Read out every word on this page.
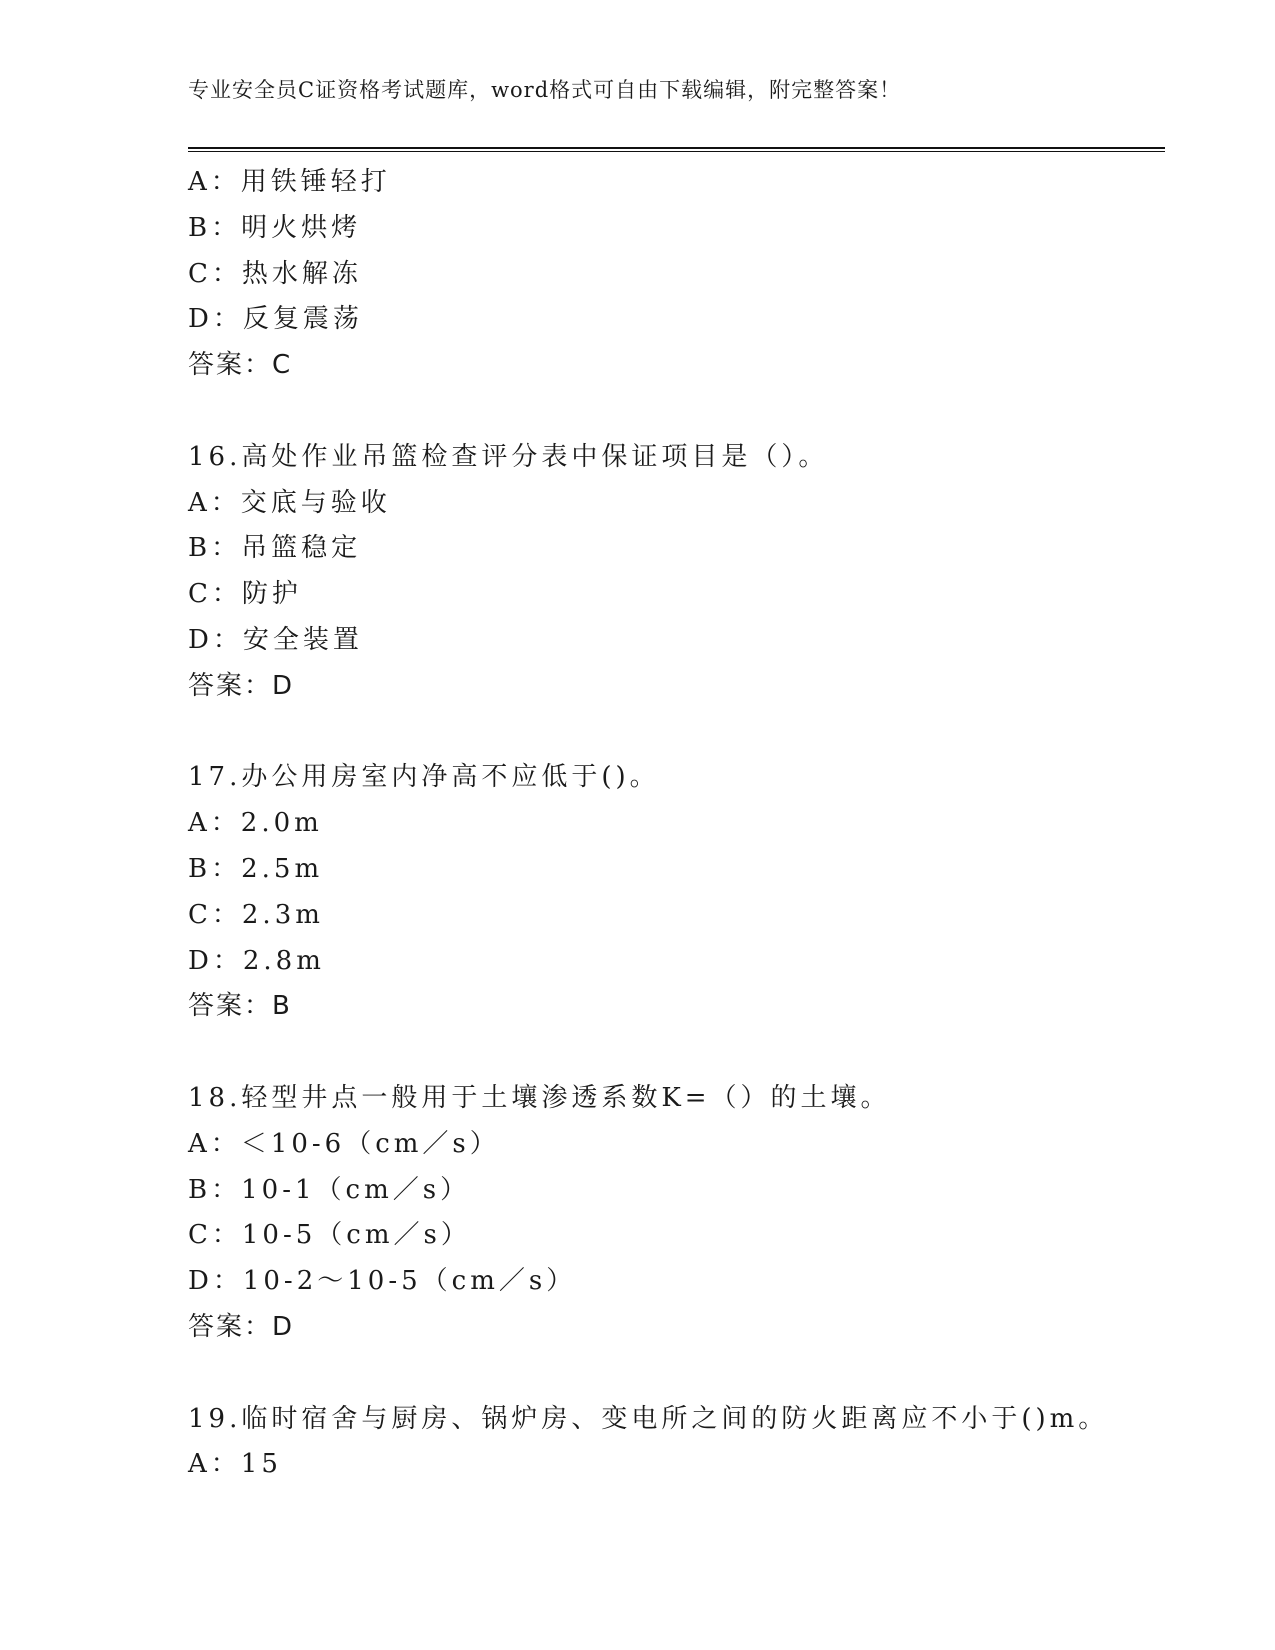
专业安全员C证资格考试题库，word格式可自由下载编辑，附完整答案！
A：用铁锤轻打
B：明火烘烤
C：热水解冻
D：反复震荡
答案：C
16.高处作业吊篮检查评分表中保证项目是（）。
A：交底与验收
B：吊篮稳定
C：防护
D：安全装置
答案：D
17.办公用房室内净高不应低于()。
A：2.0m
B：2.5m
C：2.3m
D：2.8m
答案：B
18.轻型井点一般用于土壤渗透系数K=（）的土壤。
A：＜10-6（cm／s）
B：10-1（cm／s）
C：10-5（cm／s）
D：10-2～10-5（cm／s）
答案：D
19.临时宿舍与厨房、锅炉房、变电所之间的防火距离应不小于()m。
A：15
